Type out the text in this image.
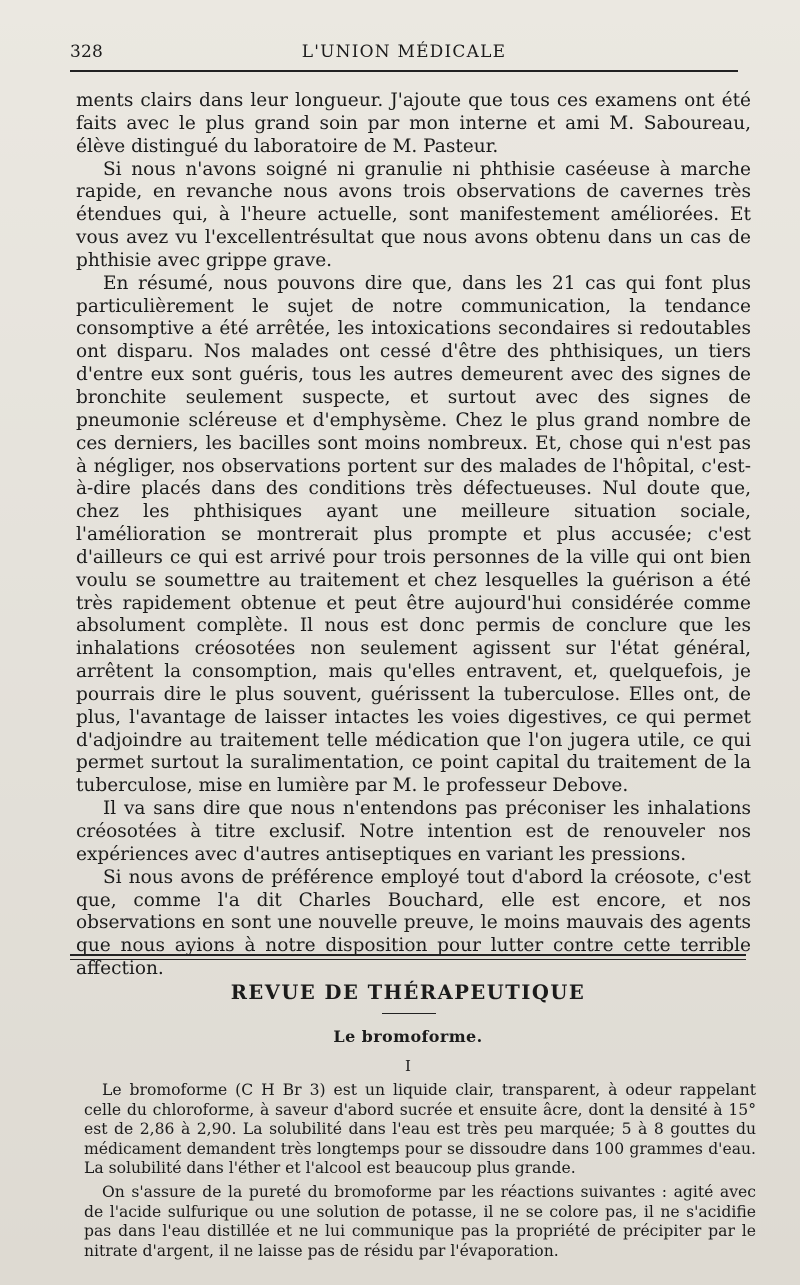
328	L'UNION MÉDICALE

ments clairs dans leur longueur. J'ajoute que tous ces examens ont été faits avec le plus grand soin par mon interne et ami M. Saboureau, élève distingué du laboratoire de M. Pasteur.

Si nous n'avons soigné ni granulie ni phthisie caséeuse à marche rapide, en revanche nous avons trois observations de cavernes très étendues qui, à l'heure actuelle, sont manifestement améliorées. Et vous avez vu l'excellentrésultat que nous avons obtenu dans un cas de phthisie avec grippe grave.

En résumé, nous pouvons dire que, dans les 21 cas qui font plus particulièrement le sujet de notre communication, la tendance consomptive a été arrêtée, les intoxications secondaires si redoutables ont disparu. Nos malades ont cessé d'être des phthisiques, un tiers d'entre eux sont guéris, tous les autres demeurent avec des signes de bronchite seulement suspecte, et surtout avec des signes de pneumonie scléreuse et d'emphysème. Chez le plus grand nombre de ces derniers, les bacilles sont moins nombreux. Et, chose qui n'est pas à négliger, nos observations portent sur des malades de l'hôpital, c'est-à-dire placés dans des conditions très défectueuses. Nul doute que, chez les phthisiques ayant une meilleure situation sociale, l'amélioration se montrerait plus prompte et plus accusée; c'est d'ailleurs ce qui est arrivé pour trois personnes de la ville qui ont bien voulu se soumettre au traitement et chez lesquelles la guérison a été très rapidement obtenue et peut être aujourd'hui considérée comme absolument complète. Il nous est donc permis de conclure que les inhalations créosotées non seulement agissent sur l'état général, arrêtent la consomption, mais qu'elles entravent, et, quelquefois, je pourrais dire le plus souvent, guérissent la tuberculose. Elles ont, de plus, l'avantage de laisser intactes les voies digestives, ce qui permet d'adjoindre au traitement telle médication que l'on jugera utile, ce qui permet surtout la suralimentation, ce point capital du traitement de la tuberculose, mise en lumière par M. le professeur Debove.

Il va sans dire que nous n'entendons pas préconiser les inhalations créosotées à titre exclusif. Notre intention est de renouveler nos expériences avec d'autres antiseptiques en variant les pressions.

Si nous avons de préférence employé tout d'abord la créosote, c'est que, comme l'a dit Charles Bouchard, elle est encore, et nos observations en sont une nouvelle preuve, le moins mauvais des agents que nous ayions à notre disposition pour lutter contre cette terrible affection.

REVUE DE THÉRAPEUTIQUE
Le bromoforme.
I

Le bromoforme (C H Br 3) est un liquide clair, transparent, à odeur rappelant celle du chloroforme, à saveur d'abord sucrée et ensuite âcre, dont la densité à 15° est de 2,86 à 2,90. La solubilité dans l'eau est très peu marquée; 5 à 8 gouttes du médicament demandent très longtemps pour se dissoudre dans 100 grammes d'eau. La solubilité dans l'éther et l'alcool est beaucoup plus grande.

On s'assure de la pureté du bromoforme par les réactions suivantes : agité avec de l'acide sulfurique ou une solution de potasse, il ne se colore pas, il ne s'acidifie pas dans l'eau distillée et ne lui communique pas la propriété de précipiter par le nitrate d'argent, il ne laisse pas de résidu par l'évaporation.
